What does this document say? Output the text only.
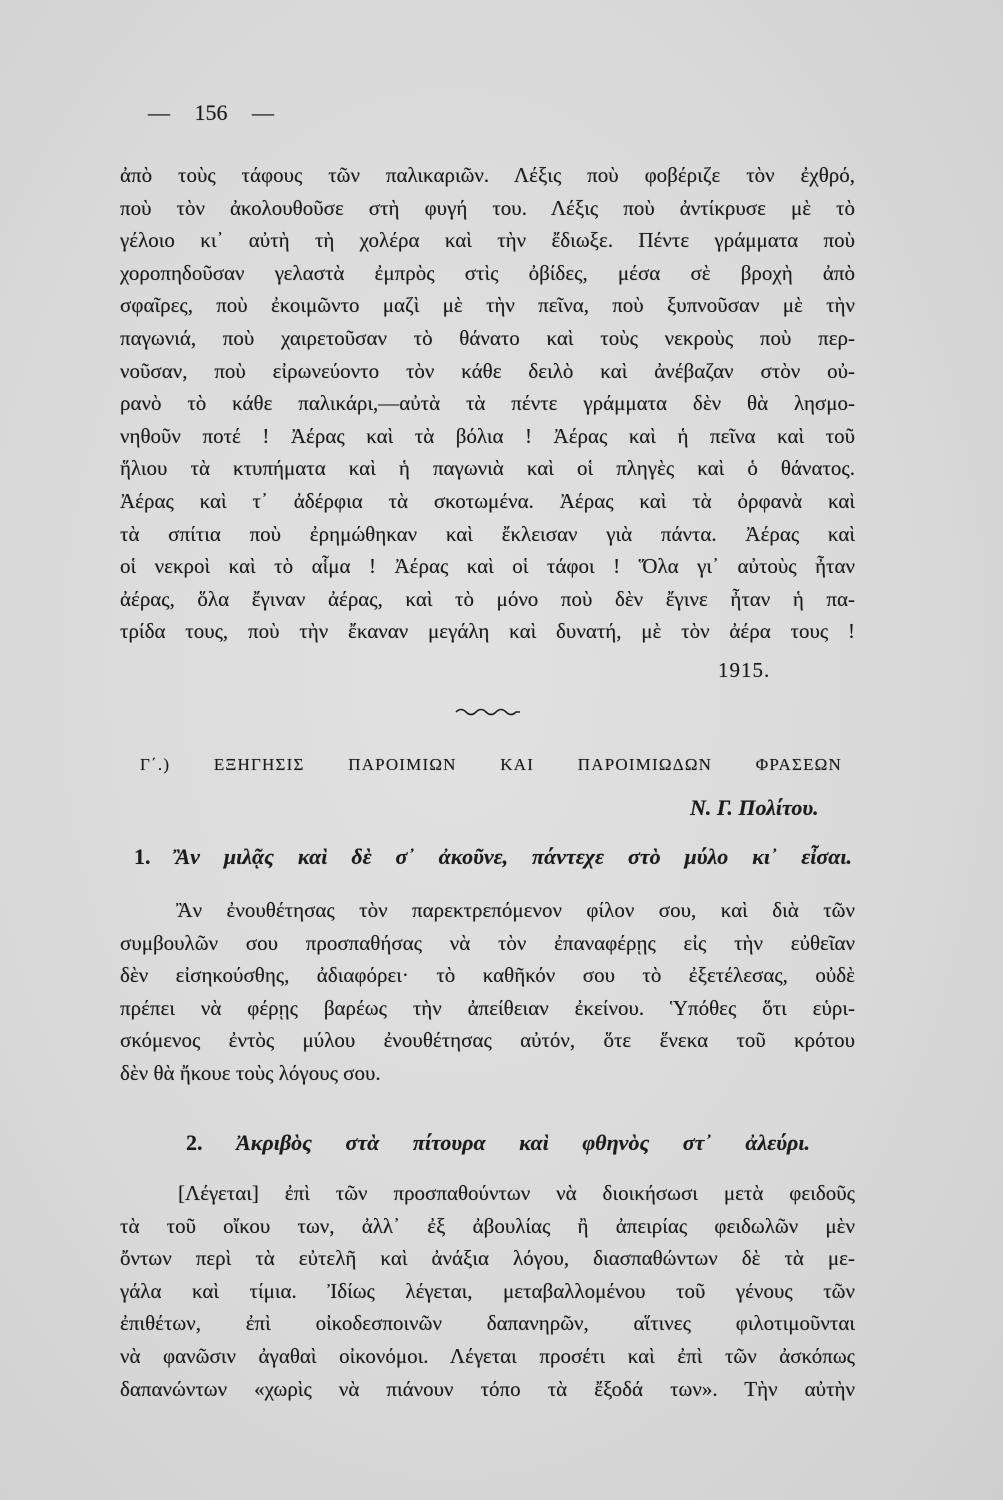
— 156 —
ἀπὸ τοὺς τάφους τῶν παλικαριῶν. Λέξις ποὺ φοβέριζε τὸν ἐχθρό,
ποὺ τὸν ἀκολουθοῦσε στὴ φυγή του. Λέξις ποὺ ἀντίκρυσε μὲ τὸ
γέλοιο κι᾽ αὐτὴ τὴ χολέρα καὶ τὴν ἔδιωξε. Πέντε γράμματα ποὺ
χοροπηδοῦσαν γελαστὰ ἐμπρὸς στὶς ὀβίδες, μέσα σὲ βροχὴ ἀπὸ
σφαῖρες, ποὺ ἐκοιμῶντο μαζὶ μὲ τὴν πεῖνα, ποὺ ξυπνοῦσαν μὲ τὴν
παγωνιά, ποὺ χαιρετοῦσαν τὸ θάνατο καὶ τοὺς νεκροὺς ποὺ περ-
νοῦσαν, ποὺ εἰρωνεύοντο τὸν κάθε δειλὸ καὶ ἀνέβαζαν στὸν οὐ-
ρανὸ τὸ κάθε παλικάρι,—αὐτὰ τὰ πέντε γράμματα δὲν θὰ λησμο-
νηθοῦν ποτέ ! Ἀέρας καὶ τὰ βόλια ! Ἀέρας καὶ ἡ πεῖνα καὶ τοῦ
ἥλιου τὰ κτυπήματα καὶ ἡ παγωνιὰ καὶ οἱ πληγὲς καὶ ὁ θάνατος.
Ἀέρας καὶ τ᾽ ἀδέρφια τὰ σκοτωμένα. Ἀέρας καὶ τὰ ὀρφανὰ καὶ
τὰ σπίτια ποὺ ἐρημώθηκαν καὶ ἔκλεισαν γιὰ πάντα. Ἀέρας καὶ
οἱ νεκροὶ καὶ τὸ αἷμα ! Ἀέρας καὶ οἱ τάφοι ! Ὅλα γι᾽ αὐτοὺς ἦταν
ἀέρας, ὅλα ἔγιναν ἀέρας, καὶ τὸ μόνο ποὺ δὲν ἔγινε ἦταν ἡ πα-
τρίδα τους, ποὺ τὴν ἔκαναν μεγάλη καὶ δυνατή, μὲ τὸν ἀέρα τους !
1915.
Γ΄.) ΕΞΗΓΗΣΙΣ ΠΑΡΟΙΜΙΩΝ ΚΑΙ ΠΑΡΟΙΜΙΩΔΩΝ ΦΡΑΣΕΩΝ
Ν. Γ. Πολίτου.
1. Ἂν μιλᾷς καὶ δὲ σ᾽ ἀκοῦνε, πάντεχε στὸ μύλο κι᾽ εἶσαι.
Ἂν ἐνουθέτησας τὸν παρεκτρεπόμενον φίλον σου, καὶ διὰ τῶν
συμβουλῶν σου προσπαθήσας νὰ τὸν ἐπαναφέρῃς εἰς τὴν εὐθεῖαν
δὲν εἰσηκούσθης, ἀδιαφόρει· τὸ καθῆκόν σου τὸ ἐξετέλεσας, οὐδὲ
πρέπει νὰ φέρῃς βαρέως τὴν ἀπείθειαν ἐκείνου. Ὑπόθες ὅτι εὑρι-
σκόμενος ἐντὸς μύλου ἐνουθέτησας αὐτόν, ὅτε ἕνεκα τοῦ κρότου
δὲν θὰ ἤκουε τοὺς λόγους σου.
2. Ἀκριβὸς στὰ πίτουρα καὶ φθηνὸς στ᾽ ἀλεύρι.
[Λέγεται] ἐπὶ τῶν προσπαθούντων νὰ διοικήσωσι μετὰ φειδοῦς
τὰ τοῦ οἴκου των, ἀλλ᾽ ἐξ ἀβουλίας ἢ ἀπειρίας φειδωλῶν μὲν
ὄντων περὶ τὰ εὐτελῆ καὶ ἀνάξια λόγου, διασπαθώντων δὲ τὰ με-
γάλα καὶ τίμια. Ἰδίως λέγεται, μεταβαλλομένου τοῦ γένους τῶν
ἐπιθέτων, ἐπὶ οἰκοδεσποινῶν δαπανηρῶν, αἵτινες φιλοτιμοῦνται
νὰ φανῶσιν ἀγαθαὶ οἰκονόμοι. Λέγεται προσέτι καὶ ἐπὶ τῶν ἀσκόπως
δαπανώντων «χωρὶς νὰ πιάνουν τόπο τὰ ἔξοδά των». Τὴν αὐτὴν
